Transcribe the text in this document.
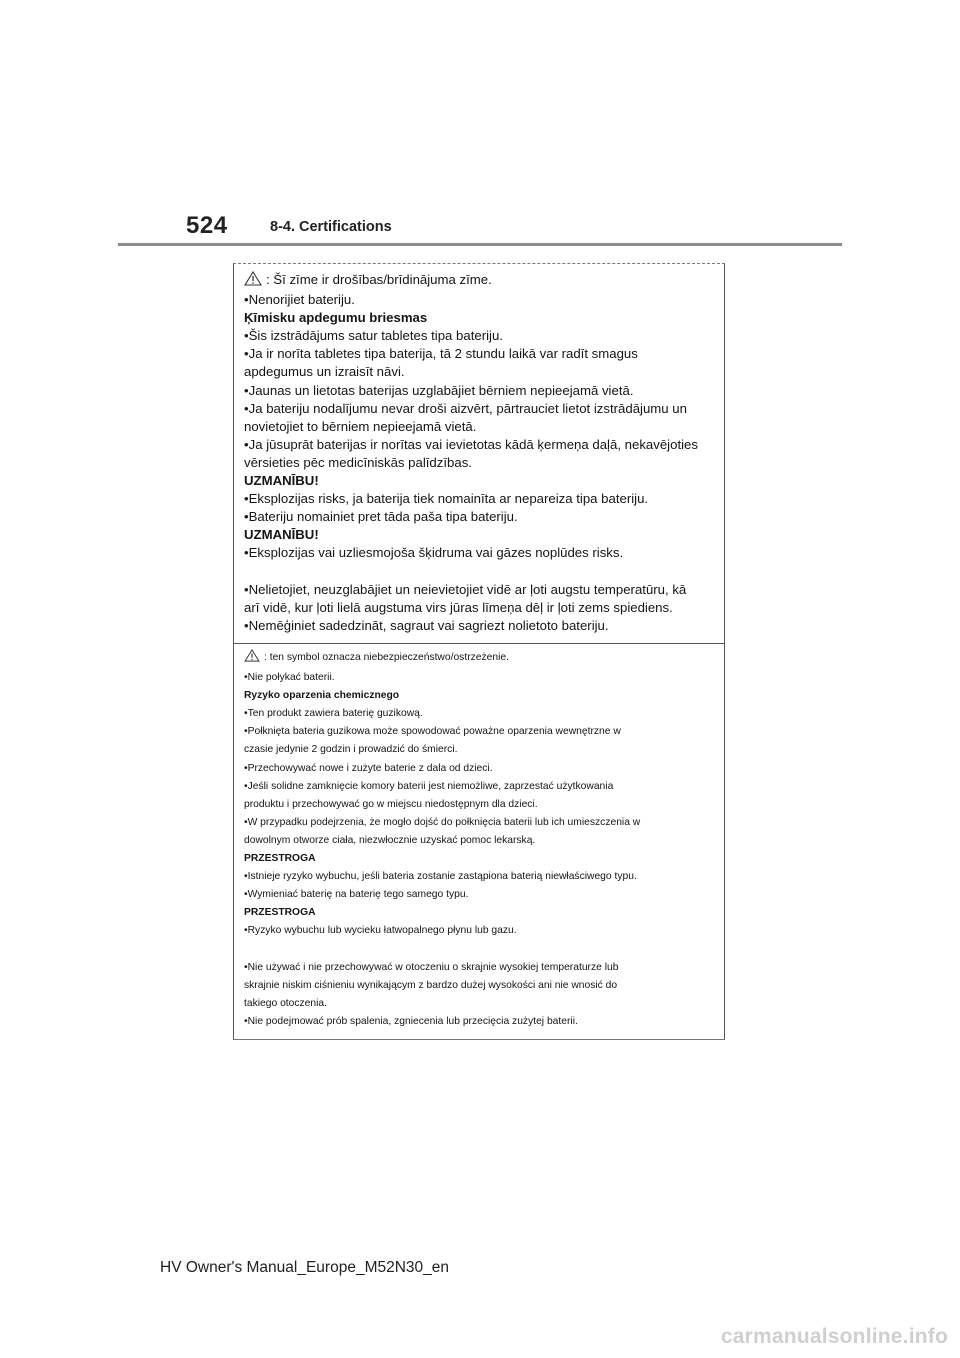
524	8-4. Certifications
: Šī zīme ir drošības/brīdinājuma zīme.
•Nenorijiet bateriju.
Ķīmisku apdegumu briesmas
•Šis izstrādājums satur tabletes tipa bateriju.
•Ja ir norīta tabletes tipa baterija, tā 2 stundu laikā var radīt smagus
apdegumus un izraisīt nāvi.
•Jaunas un lietotas baterijas uzglabājiet bērniem nepieejamā vietā.
•Ja bateriju nodalījumu nevar droši aizvērt, pārtrauciet lietot izstrādājumu un
novietojiet to bērniem nepieejamā vietā.
•Ja jūsuprāt baterijas ir norītas vai ievietotas kādā ķermeņa daļā, nekavējoties
vērsieties pēc medicīniskās palīdzības.
UZMANĪBU!
•Eksplozijas risks, ja baterija tiek nomainīta ar nepareiza tipa bateriju.
•Bateriju nomainiet pret tāda paša tipa bateriju.
UZMANĪBU!
•Eksplozijas vai uzliesmojoša šķidruma vai gāzes noplūdes risks.
•Nelietojiet, neuzglabājiet un neievietojiet vidē ar ļoti augstu temperatūru, kā
arī vidē, kur ļoti lielā augstuma virs jūras līmeņa dēļ ir ļoti zems spiediens.
•Nemēģiniet sadedzināt, sagraut vai sagriezt nolietoto bateriju.
: ten symbol oznacza niebezpieczeństwo/ostrzeżenie.
•Nie połykać baterii.
Ryzyko oparzenia chemicznego
•Ten produkt zawiera baterię guzikową.
•Połknięta bateria guzikowa może spowodować poważne oparzenia wewnętrzne w
czasie jedynie 2 godzin i prowadzić do śmierci.
•Przechowywać nowe i zużyte baterie z dala od dzieci.
•Jeśli solidne zamknięcie komory baterii jest niemożliwe, zaprzestać użytkowania
produktu i przechowywać go w miejscu niedostępnym dla dzieci.
•W przypadku podejrzenia, że mogło dojść do połknięcia baterii lub ich umieszczenia w
dowolnym otworze ciała, niezwłocznie uzyskać pomoc lekarską.
PRZESTROGA
•Istnieje ryzyko wybuchu, jeśli bateria zostanie zastąpiona baterią niewłaściwego typu.
•Wymieniać baterię na baterię tego samego typu.
PRZESTROGA
•Ryzyko wybuchu lub wycieku łatwopalnego płynu lub gazu.
•Nie używać i nie przechowywać w otoczeniu o skrajnie wysokiej temperaturze lub
skrajnie niskim ciśnieniu wynikającym z bardzo dużej wysokości ani nie wnosić do
takiego otoczenia.
•Nie podejmować prób spalenia, zgniecenia lub przecięcia zużytej baterii.
HV Owner's Manual_Europe_M52N30_en
carmanualsonline.info
